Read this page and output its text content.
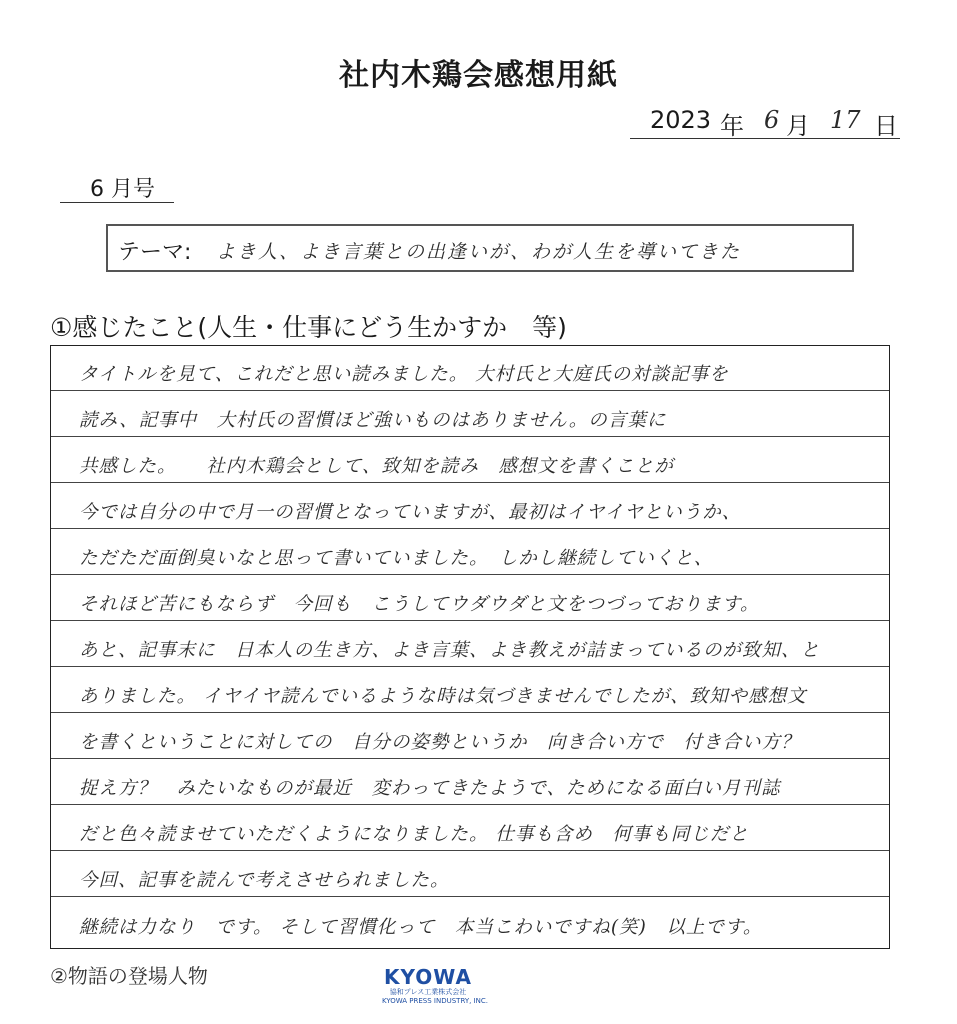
社内木鶏会感想用紙
2023 年 6 月 17 日
6 月号
テーマ: よき人、よき言葉との出逢いが、わが人生を導いてきた
①感じたこと(人生・仕事にどう生かすか　等)
タイトルを見て、これだと思い読みました。 大村氏と大庭氏の対談記事を
読み、記事中　大村氏の習慣ほど強いものはありません。の言葉に
共感した。　　社内木鶏会として、致知を読み　感想文を書くことが
今では自分の中で月一の習慣となっていますが、最初はイヤイヤというか、
ただただ面倒臭いなと思って書いていました。　しかし継続していくと、
それほど苦にもならず　今回も　こうしてウダウダと文をつづっております。
あと、記事末に　日本人の生き方、よき言葉、よき教えが詰まっているのが致知、と
ありました。 イヤイヤ読んでいるような時は気づきませんでしたが、致知や感想文
を書くということに対しての　自分の姿勢というか　向き合い方で　付き合い方？
捉え方？　みたいなものが最近　変わってきたようで、ためになる面白い月刊誌
だと色々読ませていただくようになりました。 仕事も含め　何事も同じだと
今回、記事を読んで考えさせられました。
継続は力なり　です。 そして習慣化って　本当こわいですね(笑)　以上です。
②物語の登場人物	KYOWA
協和プレス工業株式会社
KYOWA PRESS INDUSTRY, INC.
